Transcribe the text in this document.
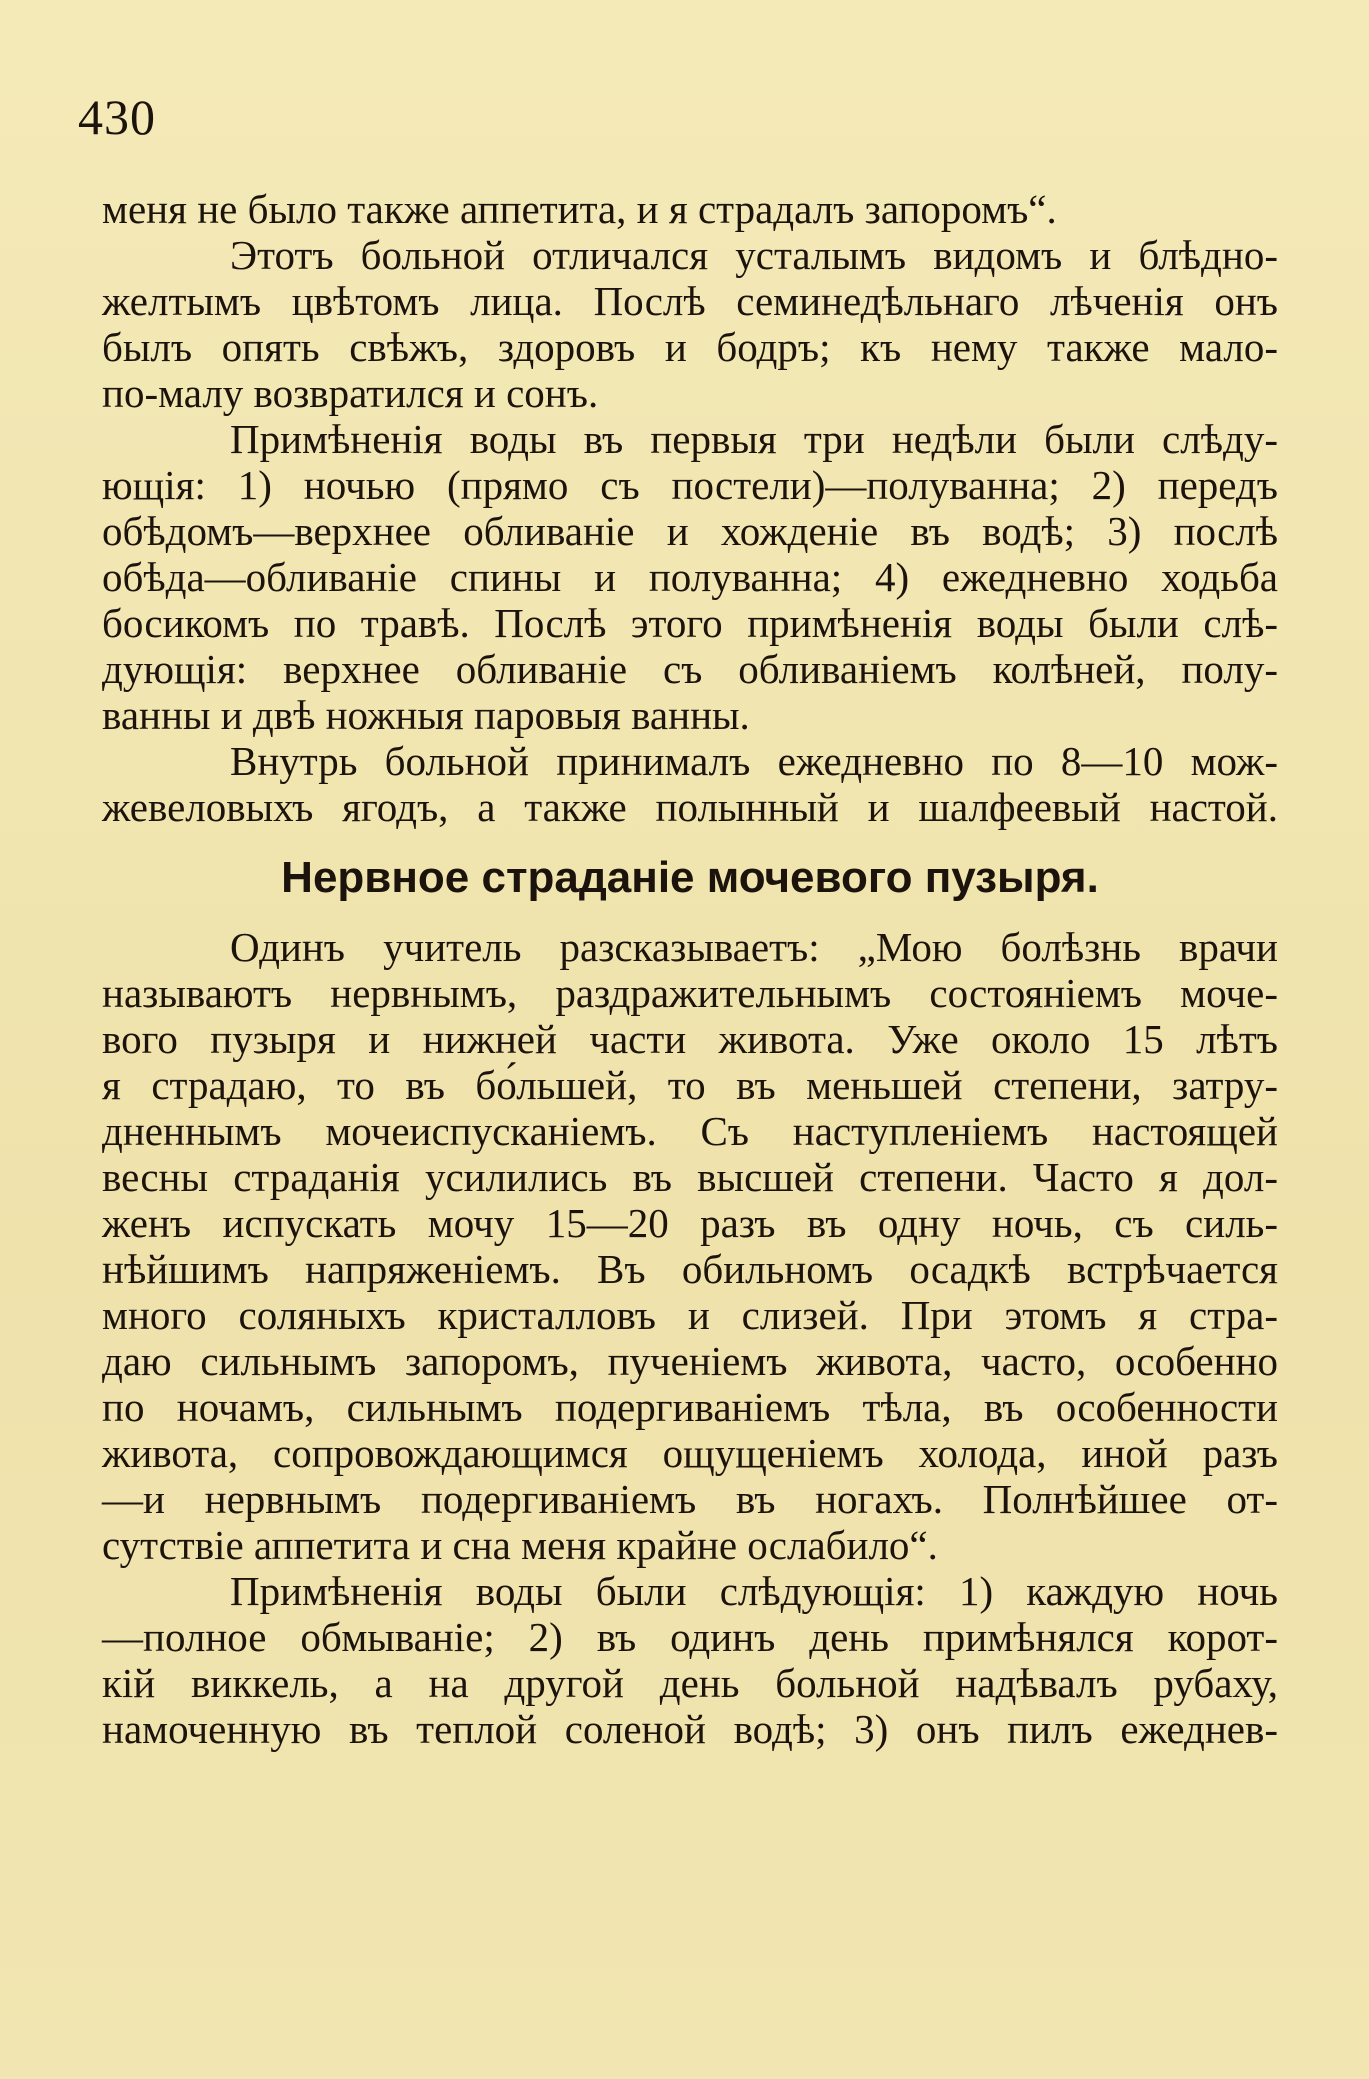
430
меня не было также аппетита, и я страдалъ запоромъ“.
Этотъ больной отличался усталымъ видомъ и блѣдно-
желтымъ цвѣтомъ лица. Послѣ семинедѣльнаго лѣченія онъ
былъ опять свѣжъ, здоровъ и бодръ; къ нему также мало-
по-малу возвратился и сонъ.
Примѣненія воды въ первыя три недѣли были слѣду-
ющія: 1) ночью (прямо съ постели)—полуванна; 2) передъ
обѣдомъ—верхнее обливаніе и хожденіе въ водѣ; 3) послѣ
обѣда—обливаніе спины и полуванна; 4) ежедневно ходьба
босикомъ по травѣ. Послѣ этого примѣненія воды были слѣ-
дующія: верхнее обливаніе съ обливаніемъ колѣней, полу-
ванны и двѣ ножныя паровыя ванны.
Внутрь больной принималъ ежедневно по 8—10 мож-
жевеловыхъ ягодъ, а также полынный и шалфеевый настой.
Нервное страданіе мочевого пузыря.
Одинъ учитель разсказываетъ: „Мою болѣзнь врачи
называютъ нервнымъ, раздражительнымъ состояніемъ моче-
вого пузыря и нижней части живота. Уже около 15 лѣтъ
я страдаю, то въ бо́льшей, то въ меньшей степени, затру-
дненнымъ мочеиспусканіемъ. Съ наступленіемъ настоящей
весны страданія усилились въ высшей степени. Часто я дол-
женъ испускать мочу 15—20 разъ въ одну ночь, съ силь-
нѣйшимъ напряженіемъ. Въ обильномъ осадкѣ встрѣчается
много соляныхъ кристалловъ и слизей. При этомъ я стра-
даю сильнымъ запоромъ, пученіемъ живота, часто, особенно
по ночамъ, сильнымъ подергиваніемъ тѣла, въ особенности
живота, сопровождающимся ощущеніемъ холода, иной разъ
—и нервнымъ подергиваніемъ въ ногахъ. Полнѣйшее от-
сутствіе аппетита и сна меня крайне ослабило“.
Примѣненія воды были слѣдующія: 1) каждую ночь
—полное обмываніе; 2) въ одинъ день примѣнялся корот-
кій виккель, а на другой день больной надѣвалъ рубаху,
намоченную въ теплой соленой водѣ; 3) онъ пилъ ежеднев-
